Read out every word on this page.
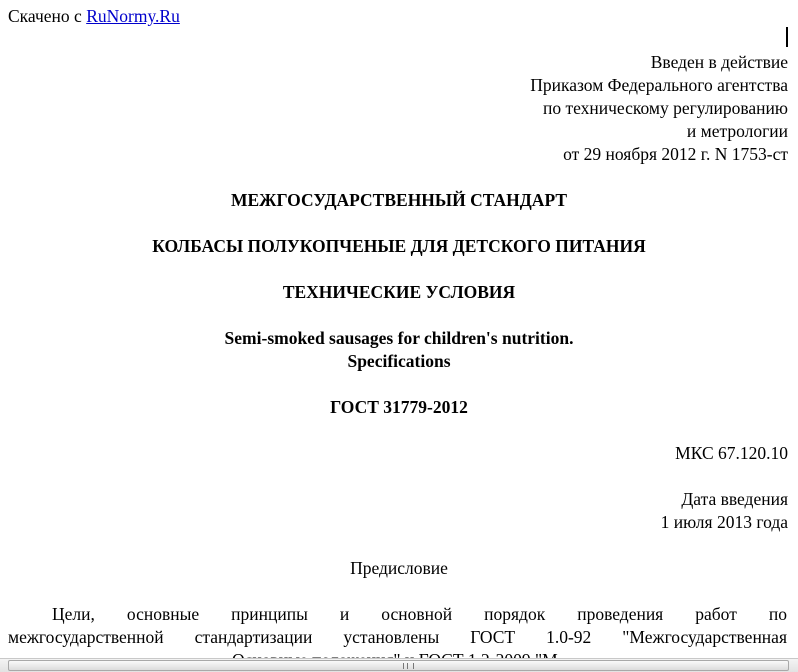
Скачено с RuNormy.Ru
Введен в действие
Приказом Федерального агентства
по техническому регулированию
и метрологии
от 29 ноября 2012 г. N 1753-ст
МЕЖГОСУДАРСТВЕННЫЙ СТАНДАРТ
КОЛБАСЫ ПОЛУКОПЧЕНЫЕ ДЛЯ ДЕТСКОГО ПИТАНИЯ
ТЕХНИЧЕСКИЕ УСЛОВИЯ
Semi-smoked sausages for children's nutrition.
Specifications
ГОСТ 31779-2012
МКС 67.120.10
Дата введения
1 июля 2013 года
Предисловие
Цели, основные принципы и основной порядок проведения работ по
межгосударственной стандартизации установлены ГОСТ 1.0-92 "Межгосударственная
